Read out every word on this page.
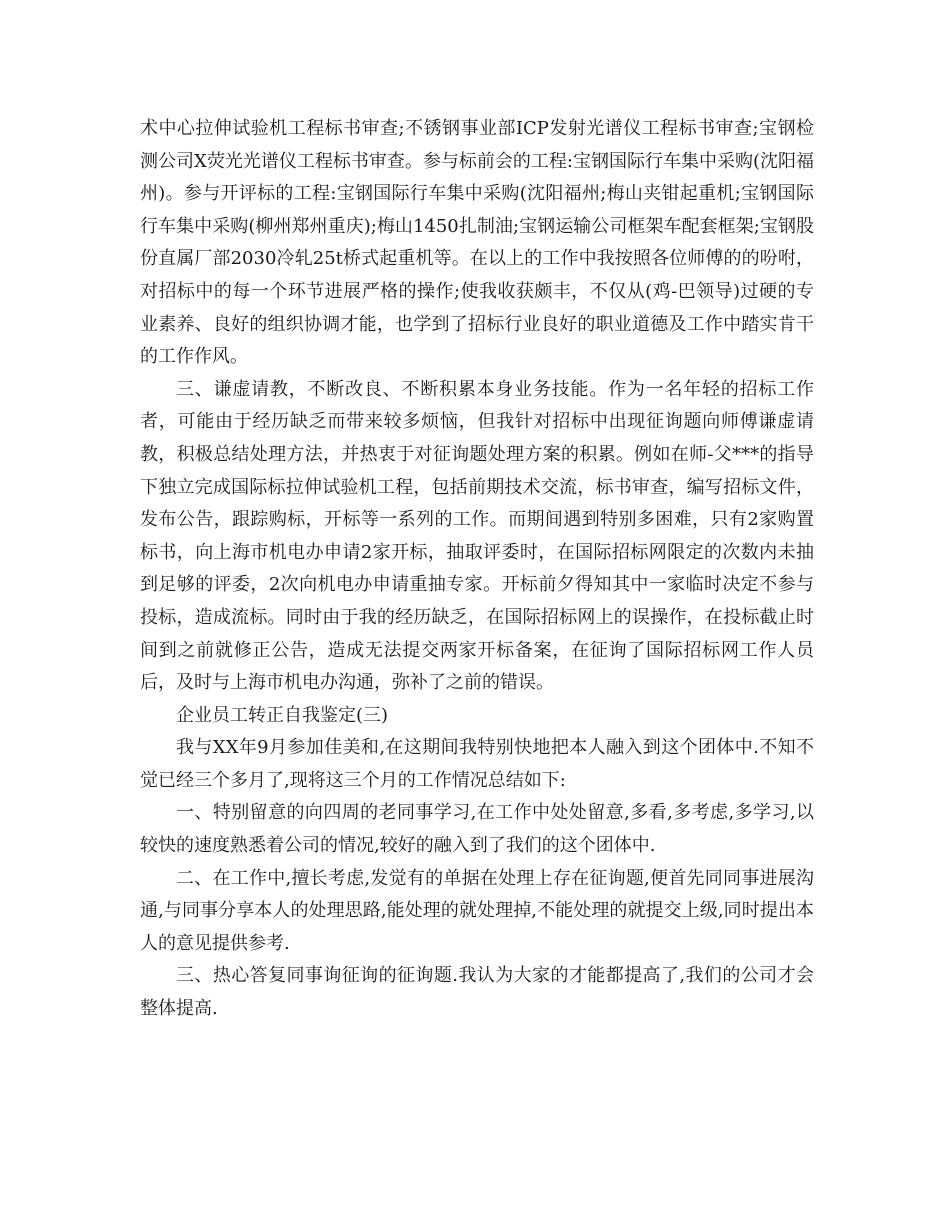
术中心拉伸试验机工程标书审查;不锈钢事业部ICP发射光谱仪工程标书审查;宝钢检测公司X荧光光谱仪工程标书审查。参与标前会的工程:宝钢国际行车集中采购(沈阳福州)。参与开评标的工程:宝钢国际行车集中采购(沈阳福州;梅山夹钳起重机;宝钢国际行车集中采购(柳州郑州重庆);梅山1450扎制油;宝钢运输公司框架车配套框架;宝钢股份直属厂部2030冷轧25t桥式起重机等。在以上的工作中我按照各位师傅的的吩咐，对招标中的每一个环节进展严格的操作;使我收获颇丰，不仅从(鸡-巴领导)过硬的专业素养、良好的组织协调才能，也学到了招标行业良好的职业道德及工作中踏实肯干的工作作风。

三、谦虚请教，不断改良、不断积累本身业务技能。作为一名年轻的招标工作者，可能由于经历缺乏而带来较多烦恼，但我针对招标中出现征询题向师傅谦虚请教，积极总结处理方法，并热衷于对征询题处理方案的积累。例如在师-父***的指导下独立完成国际标拉伸试验机工程，包括前期技术交流，标书审查，编写招标文件，发布公告，跟踪购标，开标等一系列的工作。而期间遇到特别多困难，只有2家购置标书，向上海市机电办申请2家开标，抽取评委时，在国际招标网限定的次数内未抽到足够的评委，2次向机电办申请重抽专家。开标前夕得知其中一家临时决定不参与投标，造成流标。同时由于我的经历缺乏，在国际招标网上的误操作，在投标截止时间到之前就修正公告，造成无法提交两家开标备案，在征询了国际招标网工作人员后，及时与上海市机电办沟通，弥补了之前的错误。

企业员工转正自我鉴定(三)

我与XX年9月参加佳美和,在这期间我特别快地把本人融入到这个团体中.不知不觉已经三个多月了,现将这三个月的工作情况总结如下:

一、特别留意的向四周的老同事学习,在工作中处处留意,多看,多考虑,多学习,以较快的速度熟悉着公司的情况,较好的融入到了我们的这个团体中.

二、在工作中,擅长考虑,发觉有的单据在处理上存在征询题,便首先同同事进展沟通,与同事分享本人的处理思路,能处理的就处理掉,不能处理的就提交上级,同时提出本人的意见提供参考.

三、热心答复同事询征询的征询题.我认为大家的才能都提高了,我们的公司才会整体提高.
